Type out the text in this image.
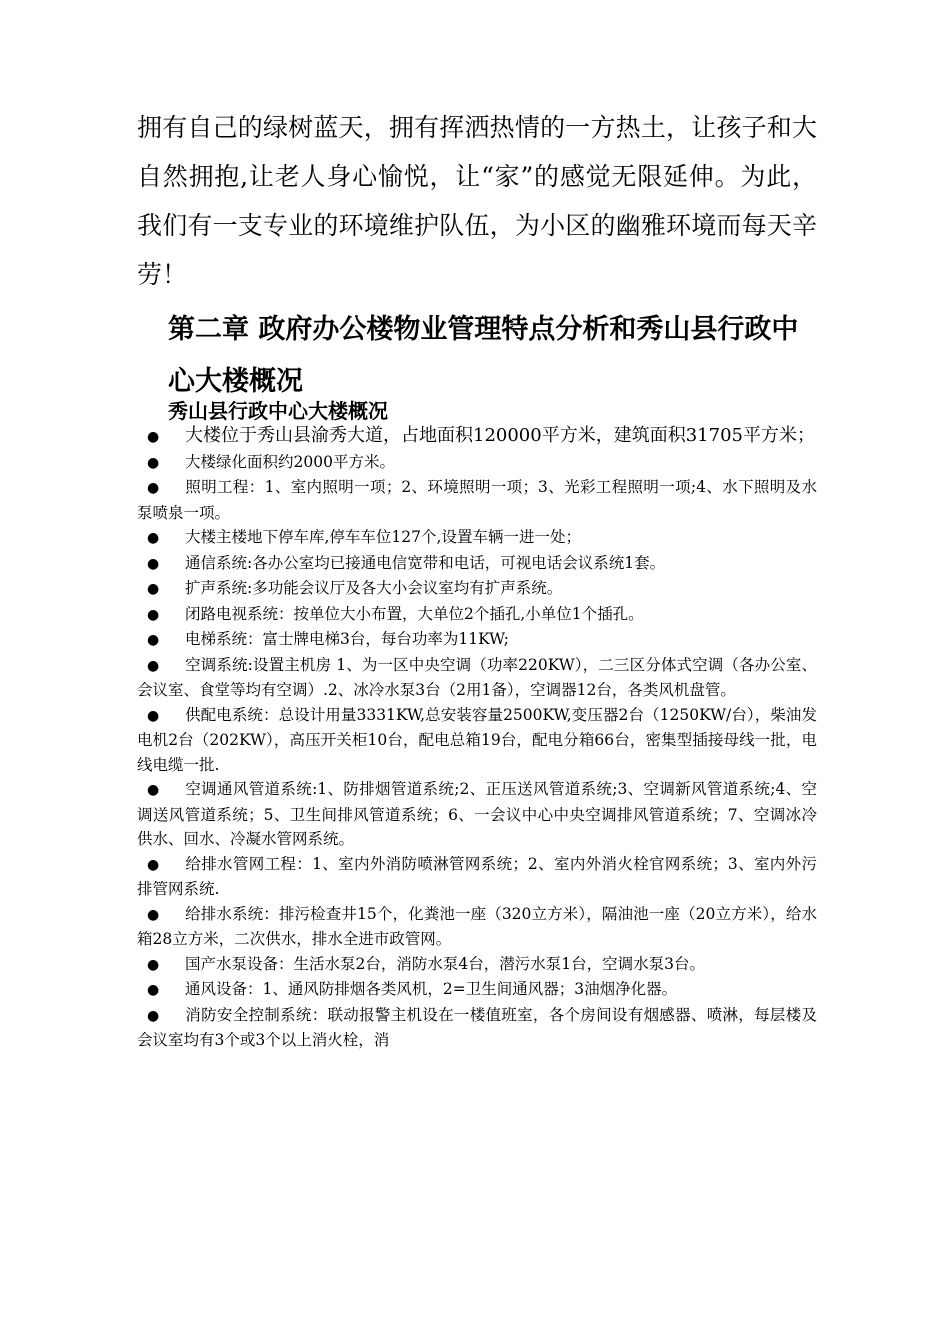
拥有自己的绿树蓝天，拥有挥洒热情的一方热土，让孩子和大自然拥抱,让老人身心愉悦，让“家”的感觉无限延伸。为此，我们有一支专业的环境维护队伍，为小区的幽雅环境而每天辛劳！

第二章 政府办公楼物业管理特点分析和秀山县行政中心大楼概况
秀山县行政中心大楼概况

● 大楼位于秀山县渝秀大道，占地面积120000平方米，建筑面积31705平方米；

● 大楼绿化面积约2000平方米。

● 照明工程：1、室内照明一项；2、环境照明一项；3、光彩工程照明一项;4、水下照明及水泵喷泉一项。

● 大楼主楼地下停车库,停车车位127个,设置车辆一进一处；

● 通信系统:各办公室均已接通电信宽带和电话，可视电话会议系统1套。

● 扩声系统:多功能会议厅及各大小会议室均有扩声系统。

● 闭路电视系统：按单位大小布置，大单位2个插孔,小单位1个插孔。

● 电梯系统：富士牌电梯3台，每台功率为11KW;

● 空调系统:设置主机房 1、为一区中央空调（功率220KW），二三区分体式空调（各办公室、会议室、食堂等均有空调）.2、冰冷水泵3台（2用1备），空调器12台，各类风机盘管。

● 供配电系统：总设计用量3331KW,总安装容量2500KW,变压器2台（1250KW/台），柴油发电机2台（202KW），高压开关柜10台，配电总箱19台，配电分箱66台，密集型插接母线一批，电线电缆一批.

● 空调通风管道系统:1、防排烟管道系统;2、正压送风管道系统;3、空调新风管道系统;4、空调送风管道系统；5、卫生间排风管道系统；6、一会议中心中央空调排风管道系统；7、空调冰冷供水、回水、冷凝水管网系统。

● 给排水管网工程：1、室内外消防喷淋管网系统；2、室内外消火栓官网系统；3、室内外污排管网系统.

● 给排水系统：排污检查井15个，化粪池一座（320立方米），隔油池一座（20立方米），给水箱28立方米，二次供水，排水全进市政管网。

● 国产水泵设备：生活水泵2台，消防水泵4台，潜污水泵1台，空调水泵3台。

● 通风设备：1、通风防排烟各类风机，2=卫生间通风器；3油烟净化器。

● 消防安全控制系统：联动报警主机设在一楼值班室，各个房间设有烟感器、喷淋，每层楼及会议室均有3个或3个以上消火栓，消
